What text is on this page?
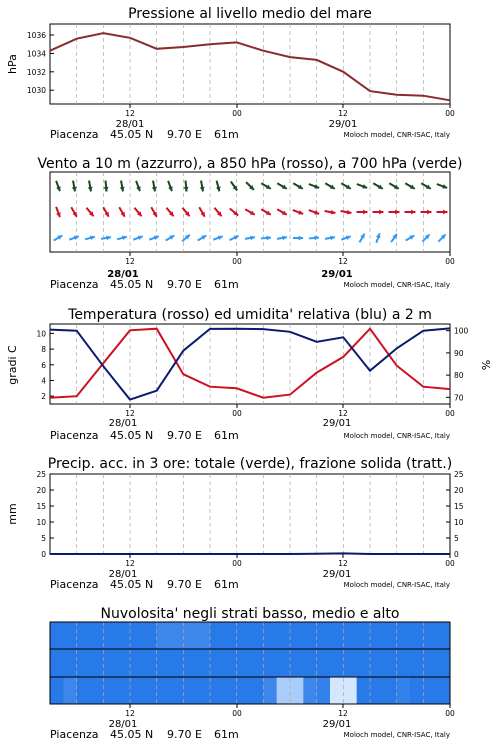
Pressione al livello medio del mare
hPa
1036
1034
1032
1030
12	00	12	00
28/01	29/01
Piacenza 45.05 N 9.70 E 61m	Moloch model, CNR-ISAC, Italy
Vento a 10 m (azzurro), a 850 hPa (rosso), a 700 hPa (verde)
12	00	12	00
28/01	29/01
Piacenza 45.05 N 9.70 E 61m	Moloch model, CNR-ISAC, Italy
Temperatura (rosso) ed umidita' relativa (blu) a 2 m
gradi C	%
10
8
6
4
2
100
90
80
70
12	00	12	00
28/01	29/01
Piacenza 45.05 N 9.70 E 61m	Moloch model, CNR-ISAC, Italy
Precip. acc. in 3 ore: totale (verde), frazione solida (tratt.)
mm
25
20
15
10
5
0
25
20
15
10
5
0
12	00	12	00
28/01	29/01
Piacenza 45.05 N 9.70 E 61m	Moloch model, CNR-ISAC, Italy
Nuvolosita' negli strati basso, medio e alto
12	00	12	00
28/01	29/01
Piacenza 45.05 N 9.70 E 61m	Moloch model, CNR-ISAC, Italy
